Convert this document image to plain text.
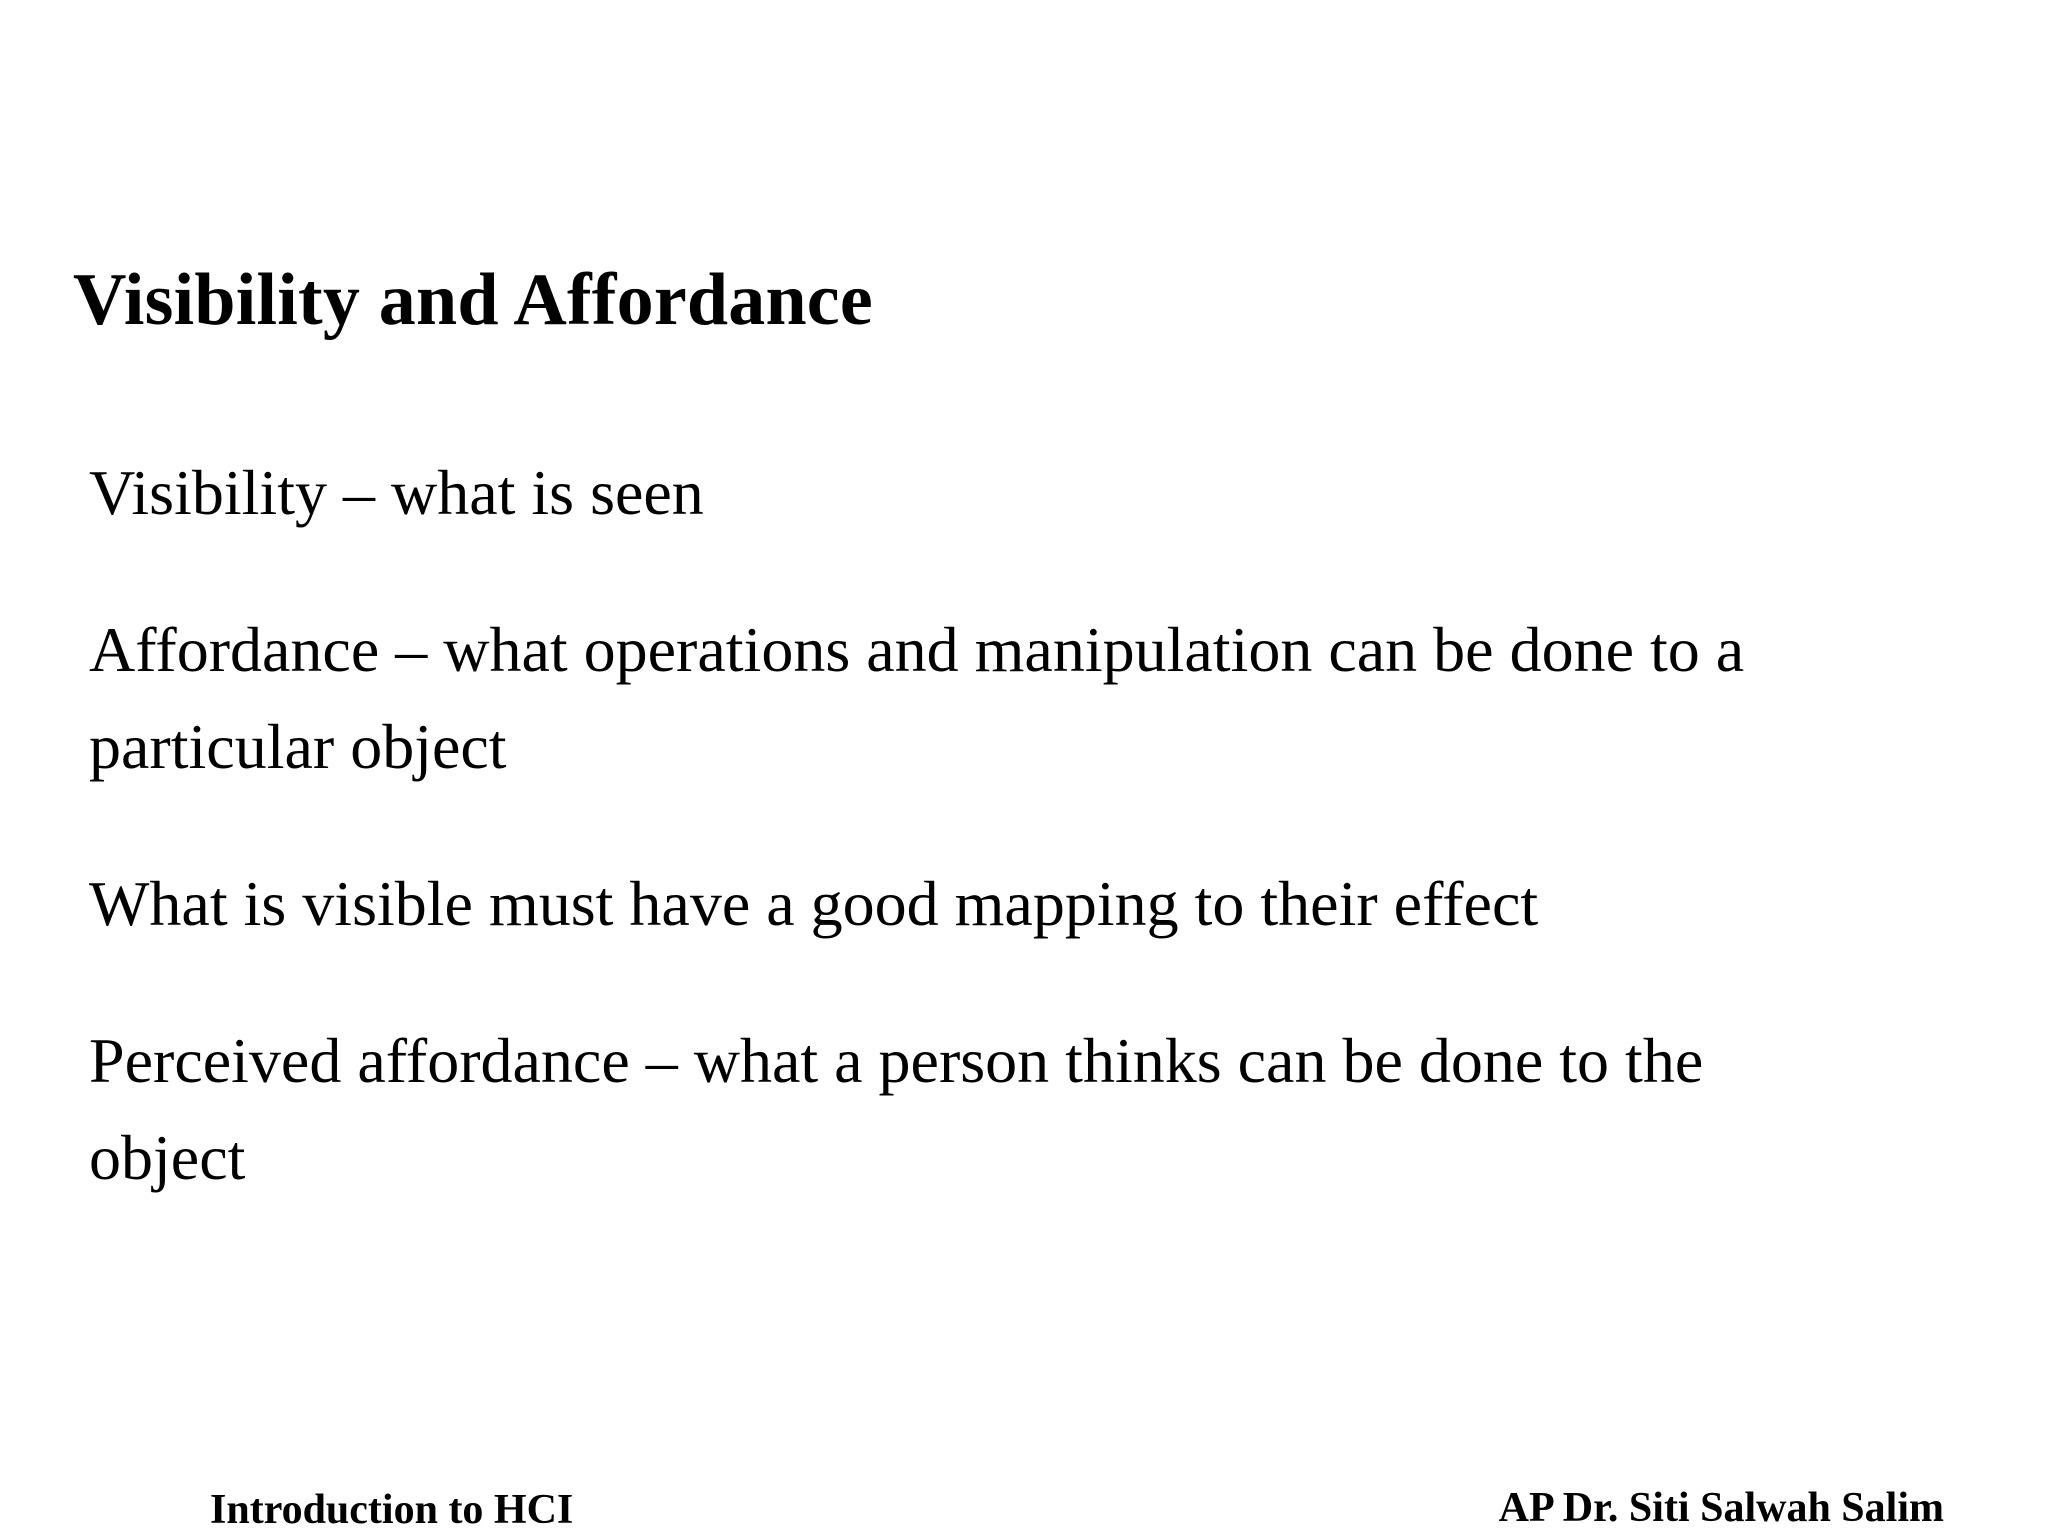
Visibility and Affordance
Visibility – what is seen
Affordance – what operations and manipulation can be done to a
particular object
What is visible must have a good mapping to their effect
Perceived affordance – what a person thinks can be done to the
object
Introduction to HCI	AP Dr. Siti Salwah Salim
